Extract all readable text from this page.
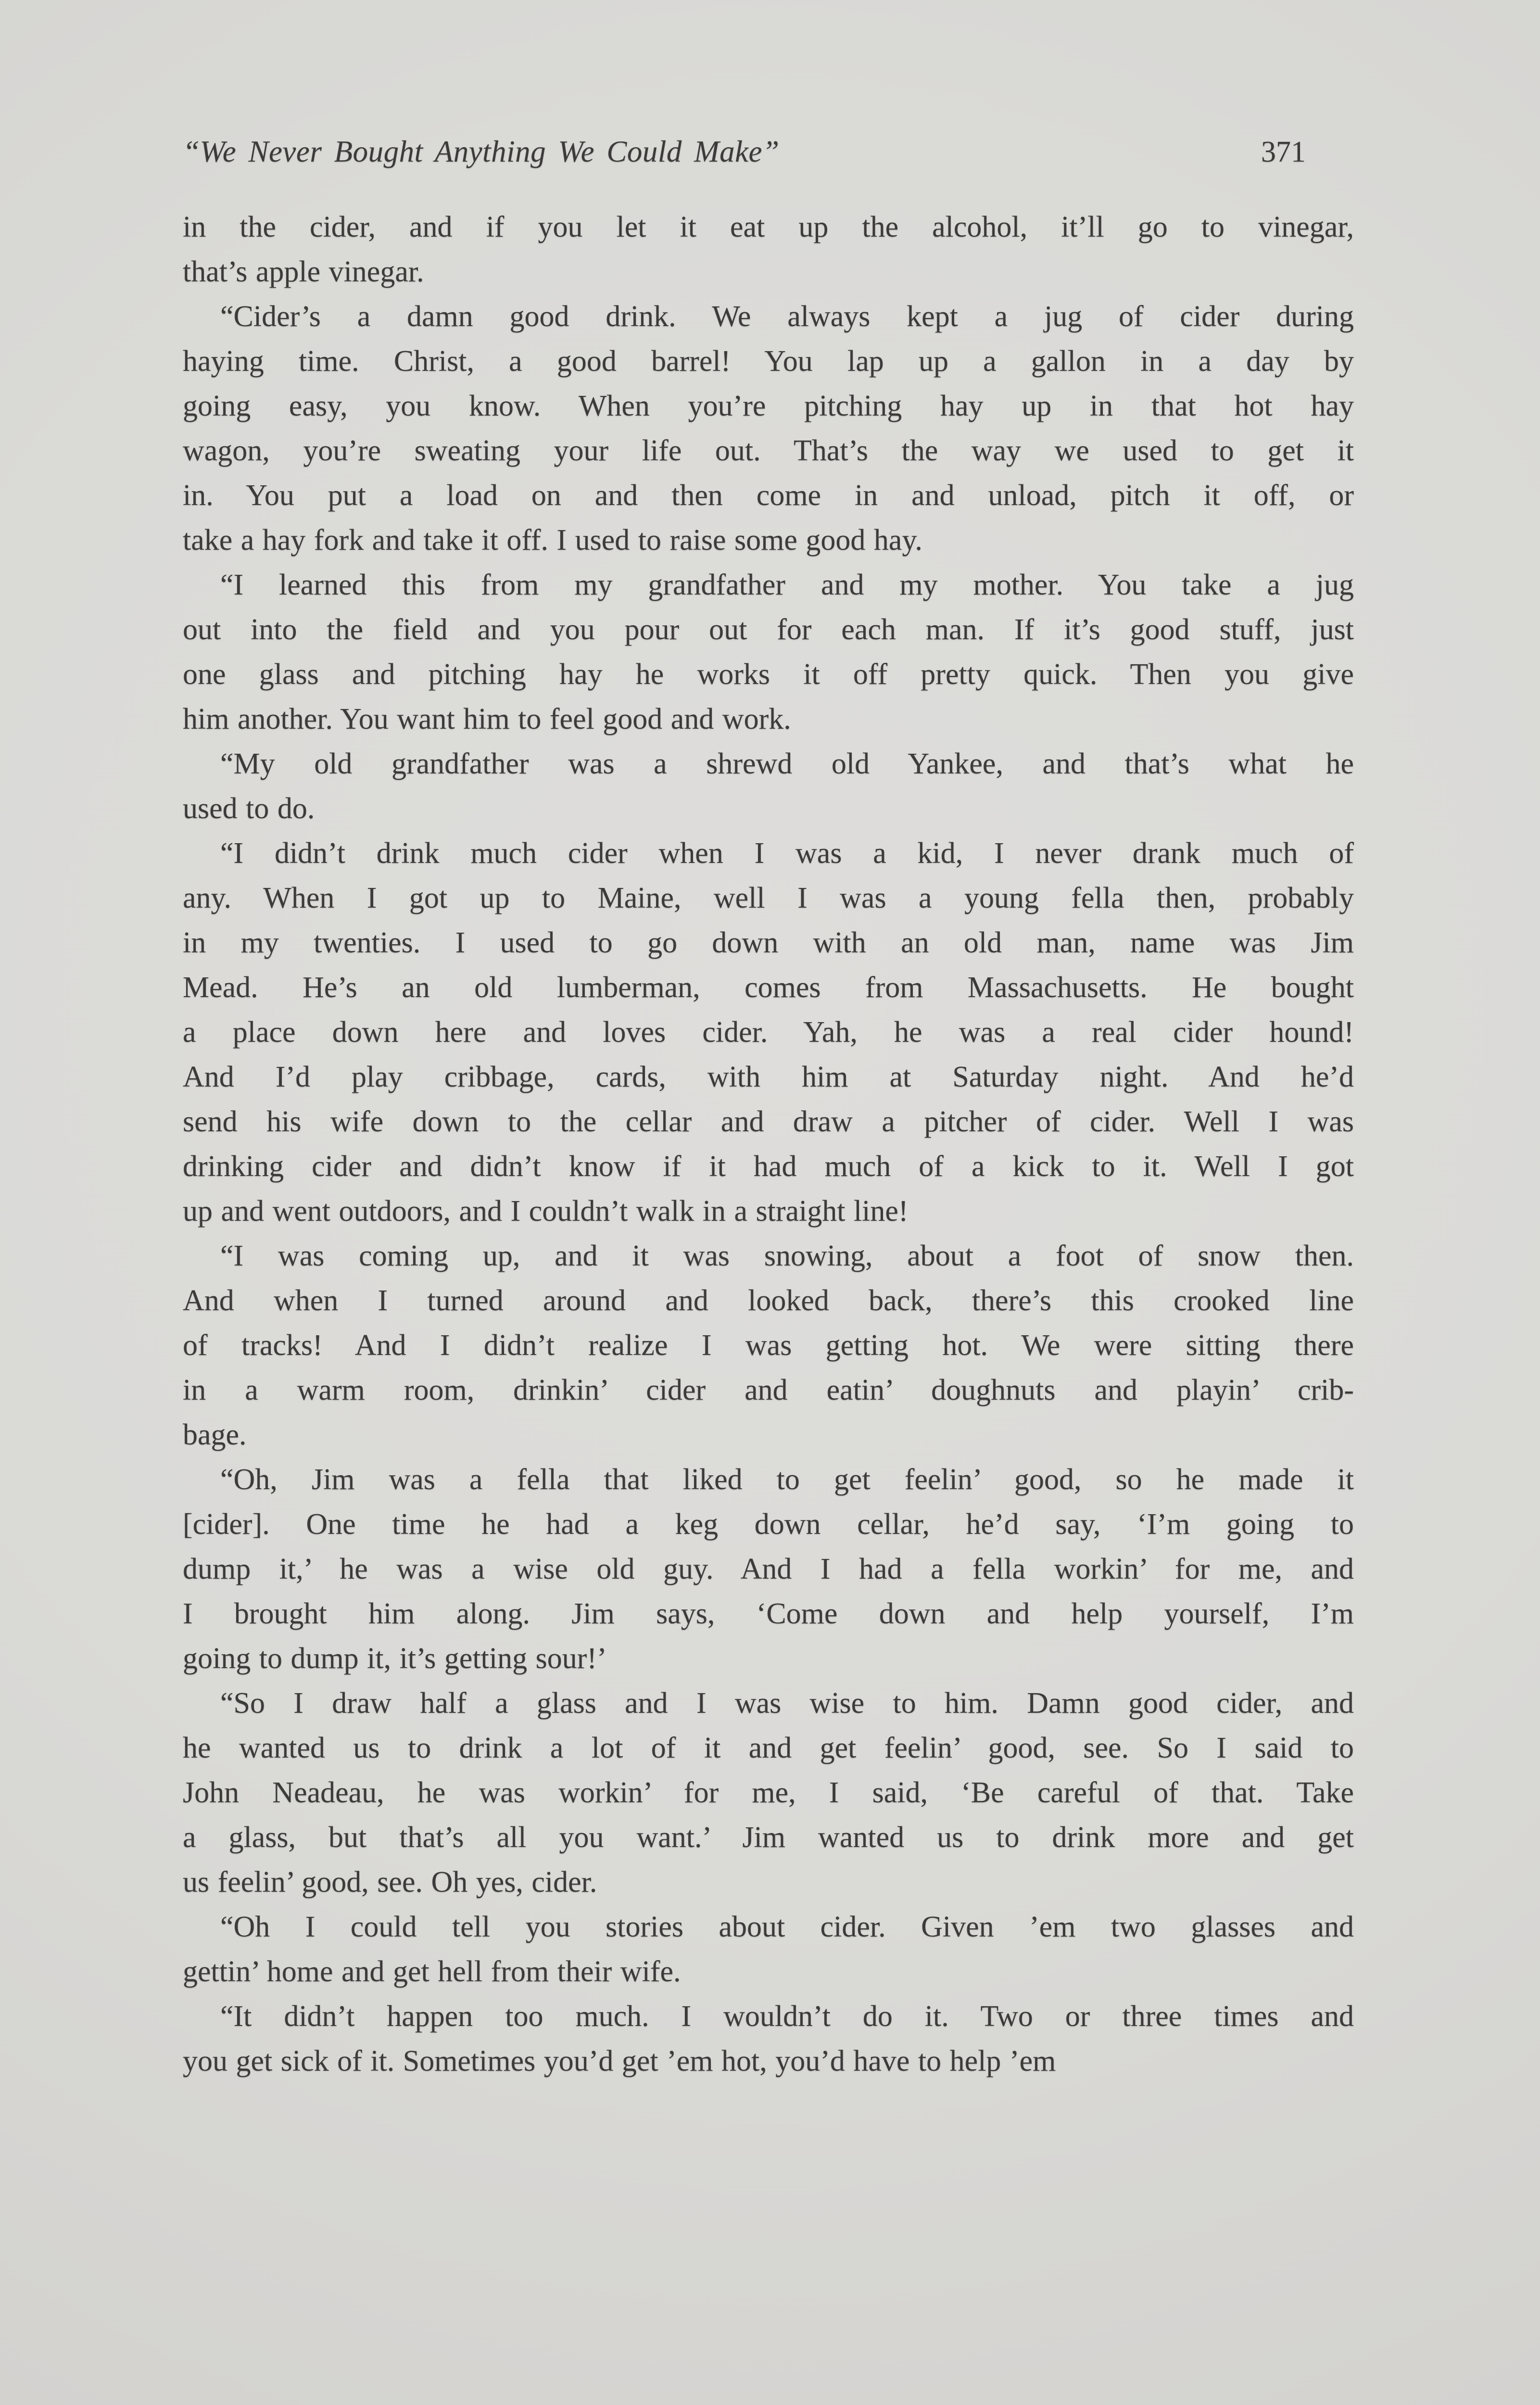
“We Never Bought Anything We Could Make”	371

in the cider, and if you let it eat up the alcohol, it’ll go to vinegar,
that’s apple vinegar.

“Cider’s a damn good drink. We always kept a jug of cider during
haying time. Christ, a good barrel! You lap up a gallon in a day by
going easy, you know. When you’re pitching hay up in that hot hay
wagon, you’re sweating your life out. That’s the way we used to get it
in. You put a load on and then come in and unload, pitch it off, or
take a hay fork and take it off. I used to raise some good hay.

“I learned this from my grandfather and my mother. You take a jug
out into the field and you pour out for each man. If it’s good stuff, just
one glass and pitching hay he works it off pretty quick. Then you give
him another. You want him to feel good and work.

“My old grandfather was a shrewd old Yankee, and that’s what he
used to do.

“I didn’t drink much cider when I was a kid, I never drank much of
any. When I got up to Maine, well I was a young fella then, probably
in my twenties. I used to go down with an old man, name was Jim
Mead. He’s an old lumberman, comes from Massachusetts. He bought
a place down here and loves cider. Yah, he was a real cider hound!
And I’d play cribbage, cards, with him at Saturday night. And he’d
send his wife down to the cellar and draw a pitcher of cider. Well I was
drinking cider and didn’t know if it had much of a kick to it. Well I got
up and went outdoors, and I couldn’t walk in a straight line!

“I was coming up, and it was snowing, about a foot of snow then.
And when I turned around and looked back, there’s this crooked line
of tracks! And I didn’t realize I was getting hot. We were sitting there
in a warm room, drinkin’ cider and eatin’ doughnuts and playin’ crib-
bage.

“Oh, Jim was a fella that liked to get feelin’ good, so he made it
[cider]. One time he had a keg down cellar, he’d say, ‘I’m going to
dump it,’ he was a wise old guy. And I had a fella workin’ for me, and
I brought him along. Jim says, ‘Come down and help yourself, I’m
going to dump it, it’s getting sour!’

“So I draw half a glass and I was wise to him. Damn good cider, and
he wanted us to drink a lot of it and get feelin’ good, see. So I said to
John Neadeau, he was workin’ for me, I said, ‘Be careful of that. Take
a glass, but that’s all you want.’ Jim wanted us to drink more and get
us feelin’ good, see. Oh yes, cider.

“Oh I could tell you stories about cider. Given ’em two glasses and
gettin’ home and get hell from their wife.

“It didn’t happen too much. I wouldn’t do it. Two or three times and
you get sick of it. Sometimes you’d get ’em hot, you’d have to help ’em
